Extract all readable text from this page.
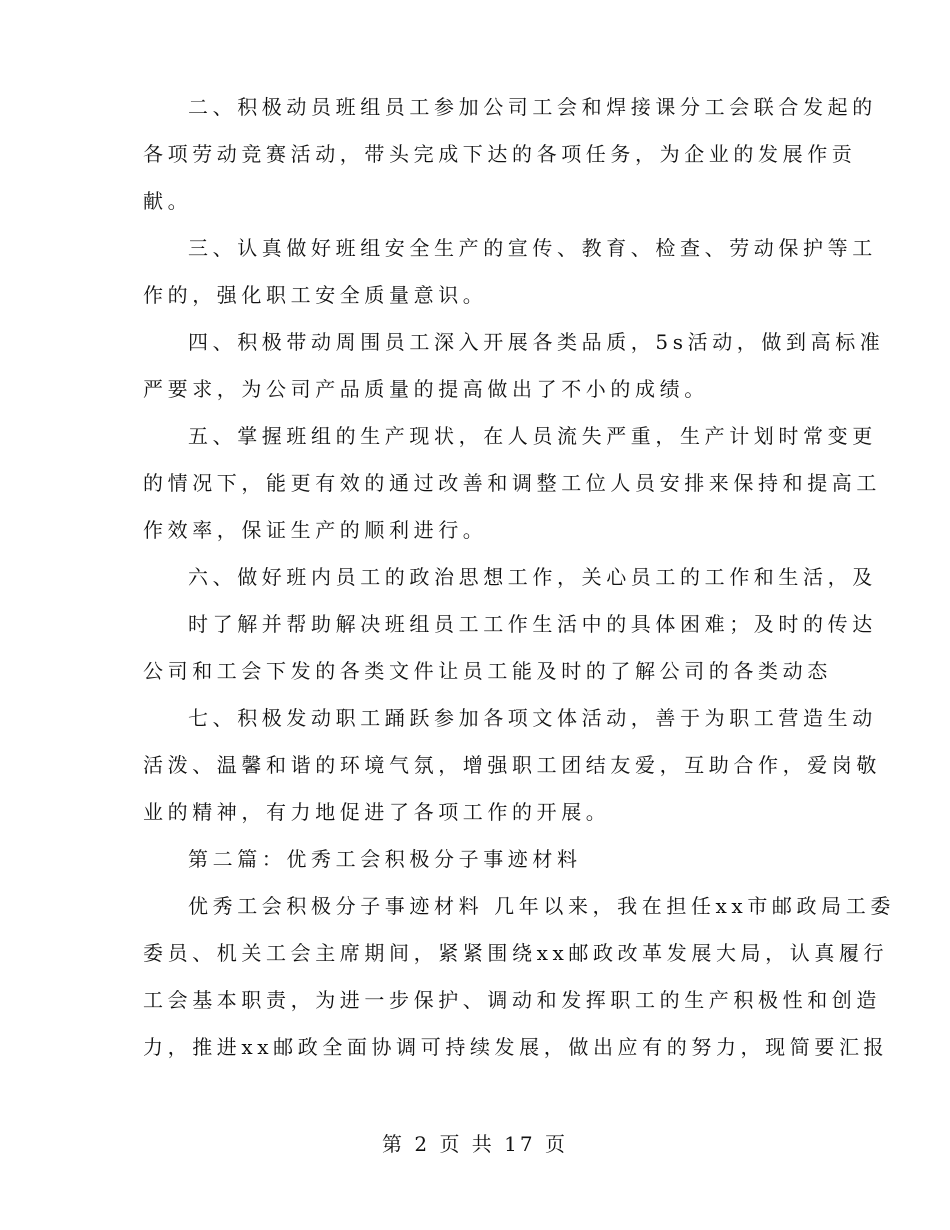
二、积极动员班组员工参加公司工会和焊接课分工会联合发起的
各项劳动竞赛活动，带头完成下达的各项任务，为企业的发展作贡
献。
三、认真做好班组安全生产的宣传、教育、检查、劳动保护等工
作的，强化职工安全质量意识。
四、积极带动周围员工深入开展各类品质，5s活动，做到高标准
严要求，为公司产品质量的提高做出了不小的成绩。
五、掌握班组的生产现状，在人员流失严重，生产计划时常变更
的情况下，能更有效的通过改善和调整工位人员安排来保持和提高工
作效率，保证生产的顺利进行。
六、做好班内员工的政治思想工作，关心员工的工作和生活，及
时了解并帮助解决班组员工工作生活中的具体困难；及时的传达
公司和工会下发的各类文件让员工能及时的了解公司的各类动态
七、积极发动职工踊跃参加各项文体活动，善于为职工营造生动
活泼、温馨和谐的环境气氛，增强职工团结友爱，互助合作，爱岗敬
业的精神，有力地促进了各项工作的开展。
第二篇：优秀工会积极分子事迹材料
优秀工会积极分子事迹材料 几年以来，我在担任xx市邮政局工委
委员、机关工会主席期间，紧紧围绕xx邮政改革发展大局，认真履行
工会基本职责，为进一步保护、调动和发挥职工的生产积极性和创造
力，推进xx邮政全面协调可持续发展，做出应有的努力，现简要汇报
第 2 页 共 17 页
